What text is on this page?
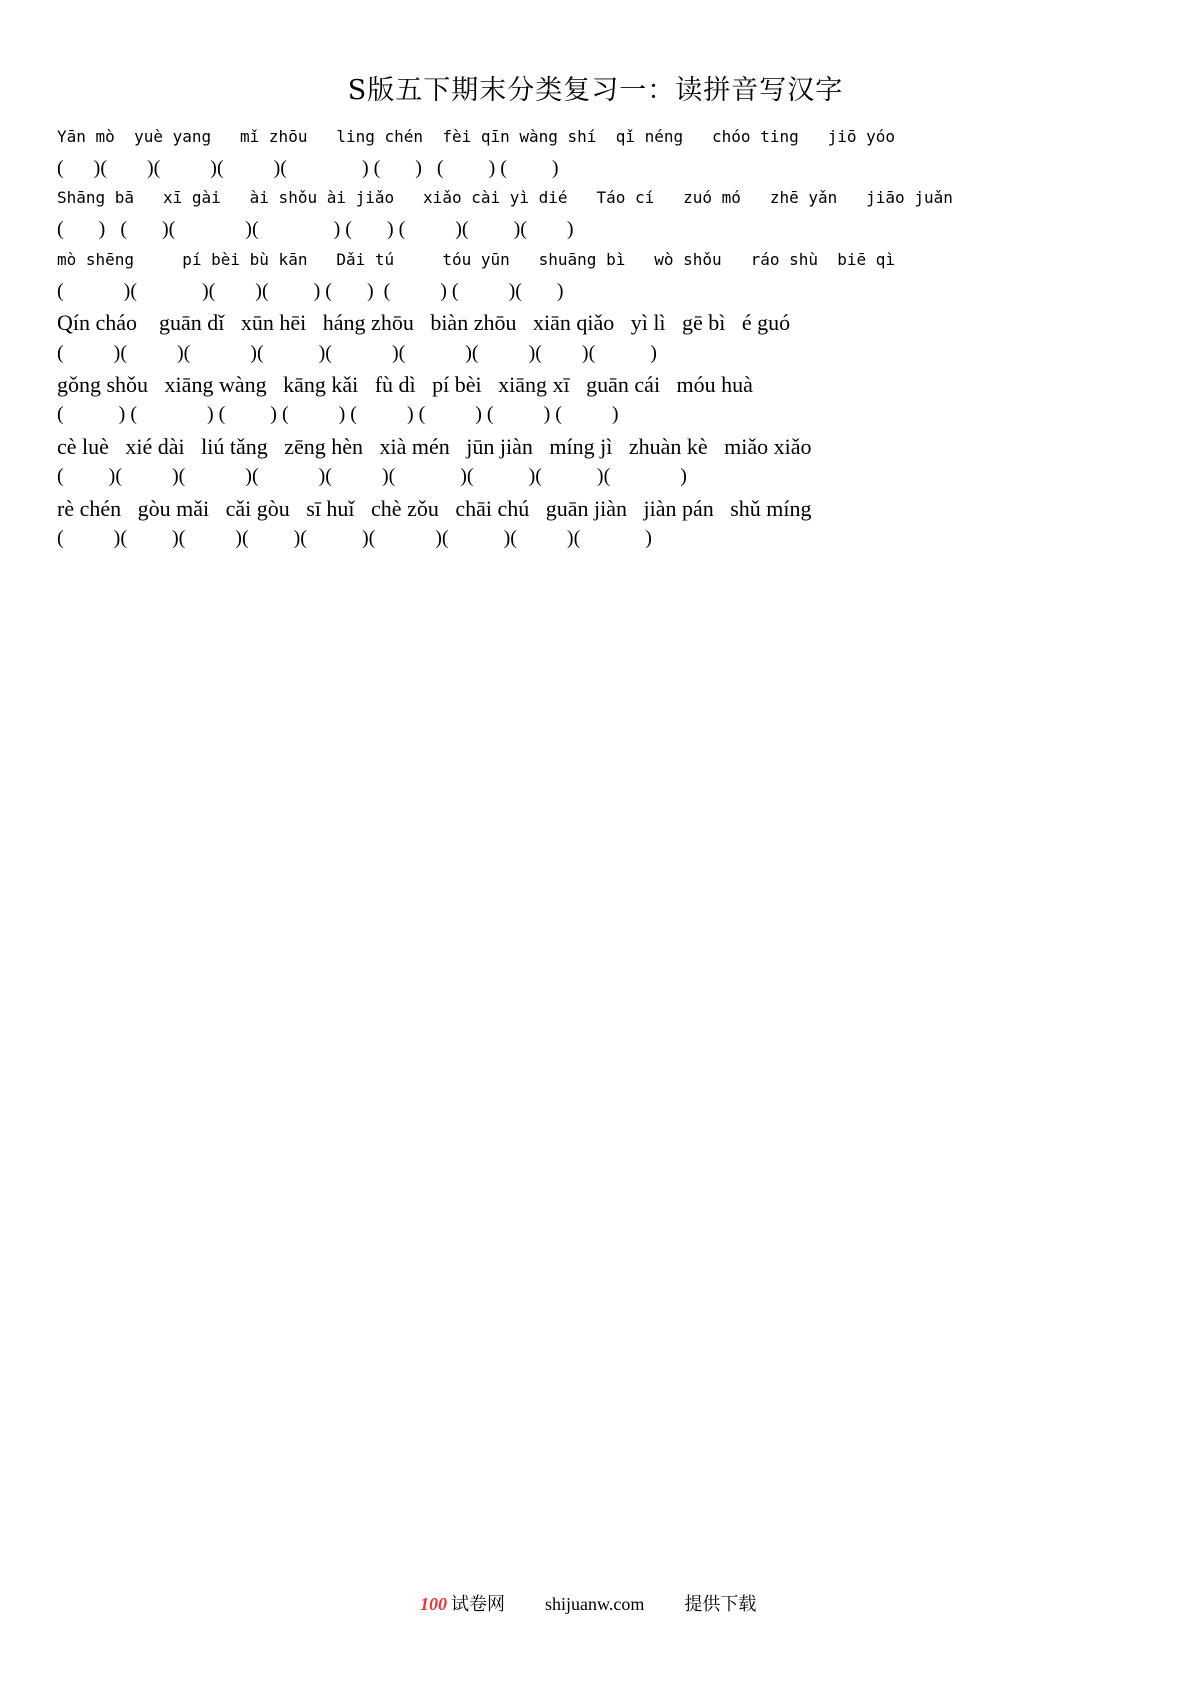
S版五下期末分类复习一：读拼音写汉字
Yān mò  yuè yang   mǐ zhōu   ling chén  fèi qīn wàng shí  qǐ néng   chóo ting   jiō yóo
(      )(        )(          )(          )(               ) (       )   (         ) (         )
Shāng bā   xī gài   ài shǒu ài jiǎo   xiǎo cài yì dié   Táo cí   zuó mó   zhē yǎn   jiāo juǎn
(       )   (       )(              )(               ) (       ) (          )(         )(        )
mò shēng     pí bèi bù kān   Dǎi tú     tóu yūn   shuāng bì   wò shǒu   ráo shù  biē qì
(            )(             )(        )(         ) (       )  (          ) (          )(       )
Qín cháo    guān dǐ   xūn hēi   háng zhōu   biàn zhōu   xiān qiǎo   yì lì   gē bì   é guó
(          )(          )(            )(           )(            )(            )(          )(        )(           )
gǒng shǒu   xiāng wàng   kāng kǎi   fù dì   pí bèi   xiāng xī   guān cái   móu huà
(           ) (              ) (         ) (          ) (          ) (          ) (          ) (          )
cè luè   xié dài   liú tǎng   zēng hèn   xià mén   jūn jiàn   míng jì   zhuàn kè   miǎo xiǎo
(         )(          )(            )(            )(          )(             )(           )(           )(              )
rè chén   gòu mǎi   cǎi gòu   sī huǐ   chè zǒu   chāi chú   guān jiàn   jiàn pán   shǔ míng
(          )(         )(          )(         )(           )(            )(           )(          )(             )
100 试卷网 shijuanw.com 提供下载
